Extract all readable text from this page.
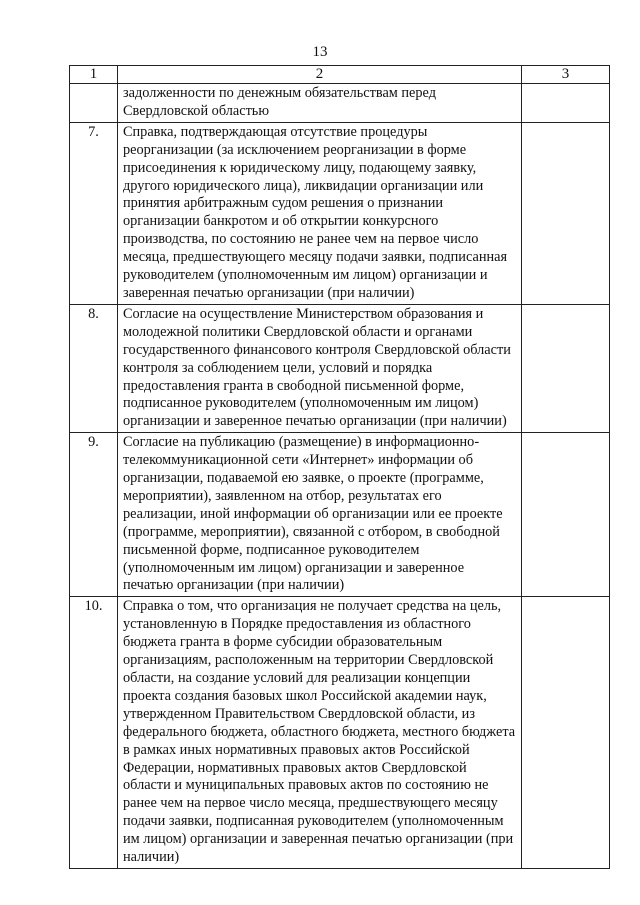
13
1	2	3
	задолженности по денежным обязательствам перед Свердловской областью	
7.	Справка, подтверждающая отсутствие процедуры реорганизации (за исключением реорганизации в форме присоединения к юридическому лицу, подающему заявку, другого юридического лица), ликвидации организации или принятия арбитражным судом решения о признании организации банкротом и об открытии конкурсного производства, по состоянию не ранее чем на первое число месяца, предшествующего месяцу подачи заявки, подписанная руководителем (уполномоченным им лицом) организации и заверенная печатью организации (при наличии)	
8.	Согласие на осуществление Министерством образования и молодежной политики Свердловской области и органами государственного финансового контроля Свердловской области контроля за соблюдением цели, условий и порядка предоставления гранта в свободной письменной форме, подписанное руководителем (уполномоченным им лицом) организации и заверенное печатью организации (при наличии)	
9.	Согласие на публикацию (размещение) в информационно-телекоммуникационной сети «Интернет» информации об организации, подаваемой ею заявке, о проекте (программе, мероприятии), заявленном на отбор, результатах его реализации, иной информации об организации или ее проекте (программе, мероприятии), связанной с отбором, в свободной письменной форме, подписанное руководителем (уполномоченным им лицом) организации и заверенное печатью организации (при наличии)	
10.	Справка о том, что организация не получает средства на цель, установленную в Порядке предоставления из областного бюджета гранта в форме субсидии образовательным организациям, расположенным на территории Свердловской области, на создание условий для реализации концепции проекта создания базовых школ Российской академии наук, утвержденном Правительством Свердловской области, из федерального бюджета, областного бюджета, местного бюджета в рамках иных нормативных правовых актов Российской Федерации, нормативных правовых актов Свердловской области и муниципальных правовых актов по состоянию не ранее чем на первое число месяца, предшествующего месяцу подачи заявки, подписанная руководителем (уполномоченным им лицом) организации и заверенная печатью организации (при наличии)	
